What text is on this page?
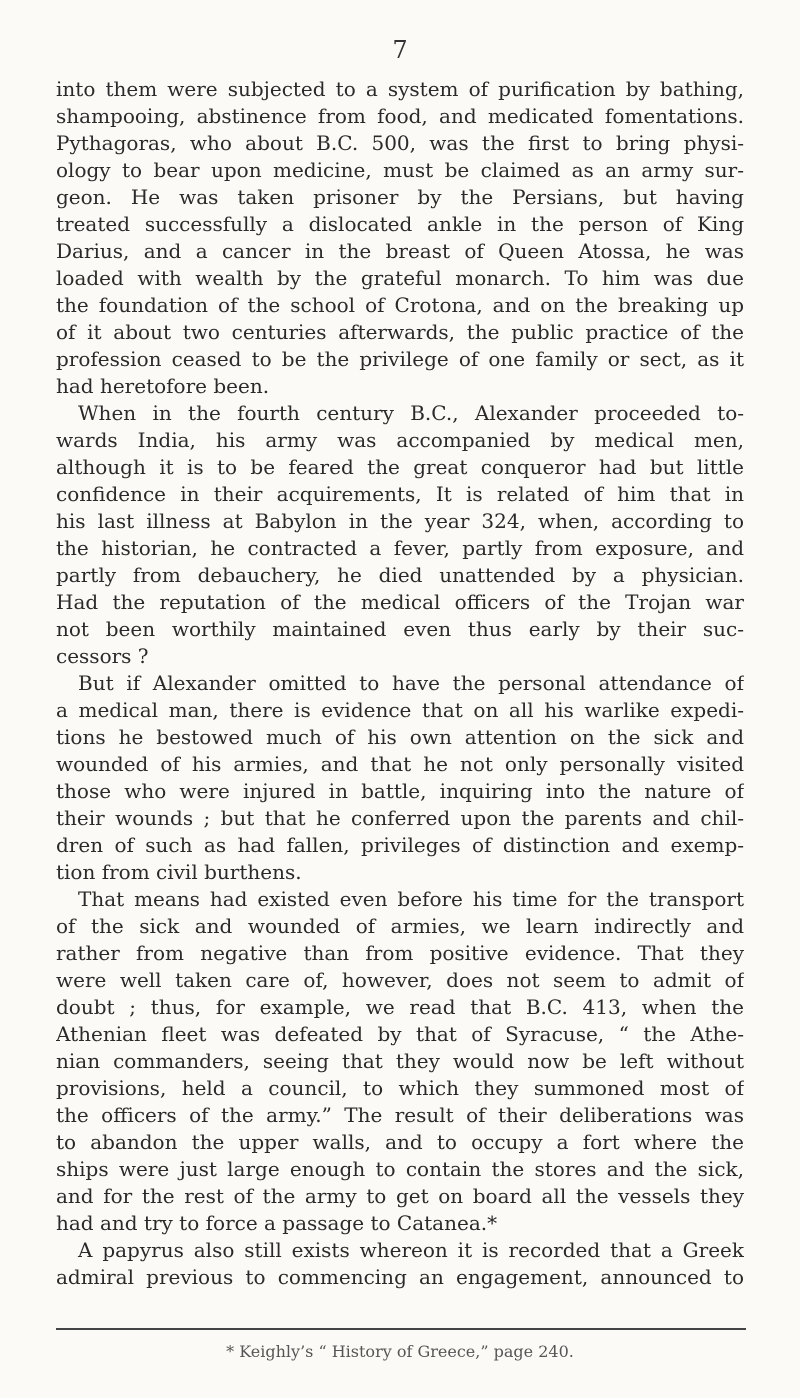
7
into them were subjected to a system of purification by bathing,
shampooing, abstinence from food, and medicated fomentations.
Pythagoras, who about B.C. 500, was the first to bring physi-
ology to bear upon medicine, must be claimed as an army sur-
geon. He was taken prisoner by the Persians, but having
treated successfully a dislocated ankle in the person of King
Darius, and a cancer in the breast of Queen Atossa, he was
loaded with wealth by the grateful monarch. To him was due
the foundation of the school of Crotona, and on the breaking up
of it about two centuries afterwards, the public practice of the
profession ceased to be the privilege of one family or sect, as it
had heretofore been.
When in the fourth century B.C., Alexander proceeded to-
wards India, his army was accompanied by medical men,
although it is to be feared the great conqueror had but little
confidence in their acquirements, It is related of him that in
his last illness at Babylon in the year 324, when, according to
the historian, he contracted a fever, partly from exposure, and
partly from debauchery, he died unattended by a physician.
Had the reputation of the medical officers of the Trojan war
not been worthily maintained even thus early by their suc-
cessors ?
But if Alexander omitted to have the personal attendance of
a medical man, there is evidence that on all his warlike expedi-
tions he bestowed much of his own attention on the sick and
wounded of his armies, and that he not only personally visited
those who were injured in battle, inquiring into the nature of
their wounds ; but that he conferred upon the parents and chil-
dren of such as had fallen, privileges of distinction and exemp-
tion from civil burthens.
That means had existed even before his time for the transport
of the sick and wounded of armies, we learn indirectly and
rather from negative than from positive evidence. That they
were well taken care of, however, does not seem to admit of
doubt ; thus, for example, we read that B.C. 413, when the
Athenian fleet was defeated by that of Syracuse, “ the Athe-
nian commanders, seeing that they would now be left without
provisions, held a council, to which they summoned most of
the officers of the army.” The result of their deliberations was
to abandon the upper walls, and to occupy a fort where the
ships were just large enough to contain the stores and the sick,
and for the rest of the army to get on board all the vessels they
had and try to force a passage to Catanea.*
A papyrus also still exists whereon it is recorded that a Greek
admiral previous to commencing an engagement, announced to
* Keighly’s “ History of Greece,” page 240.
